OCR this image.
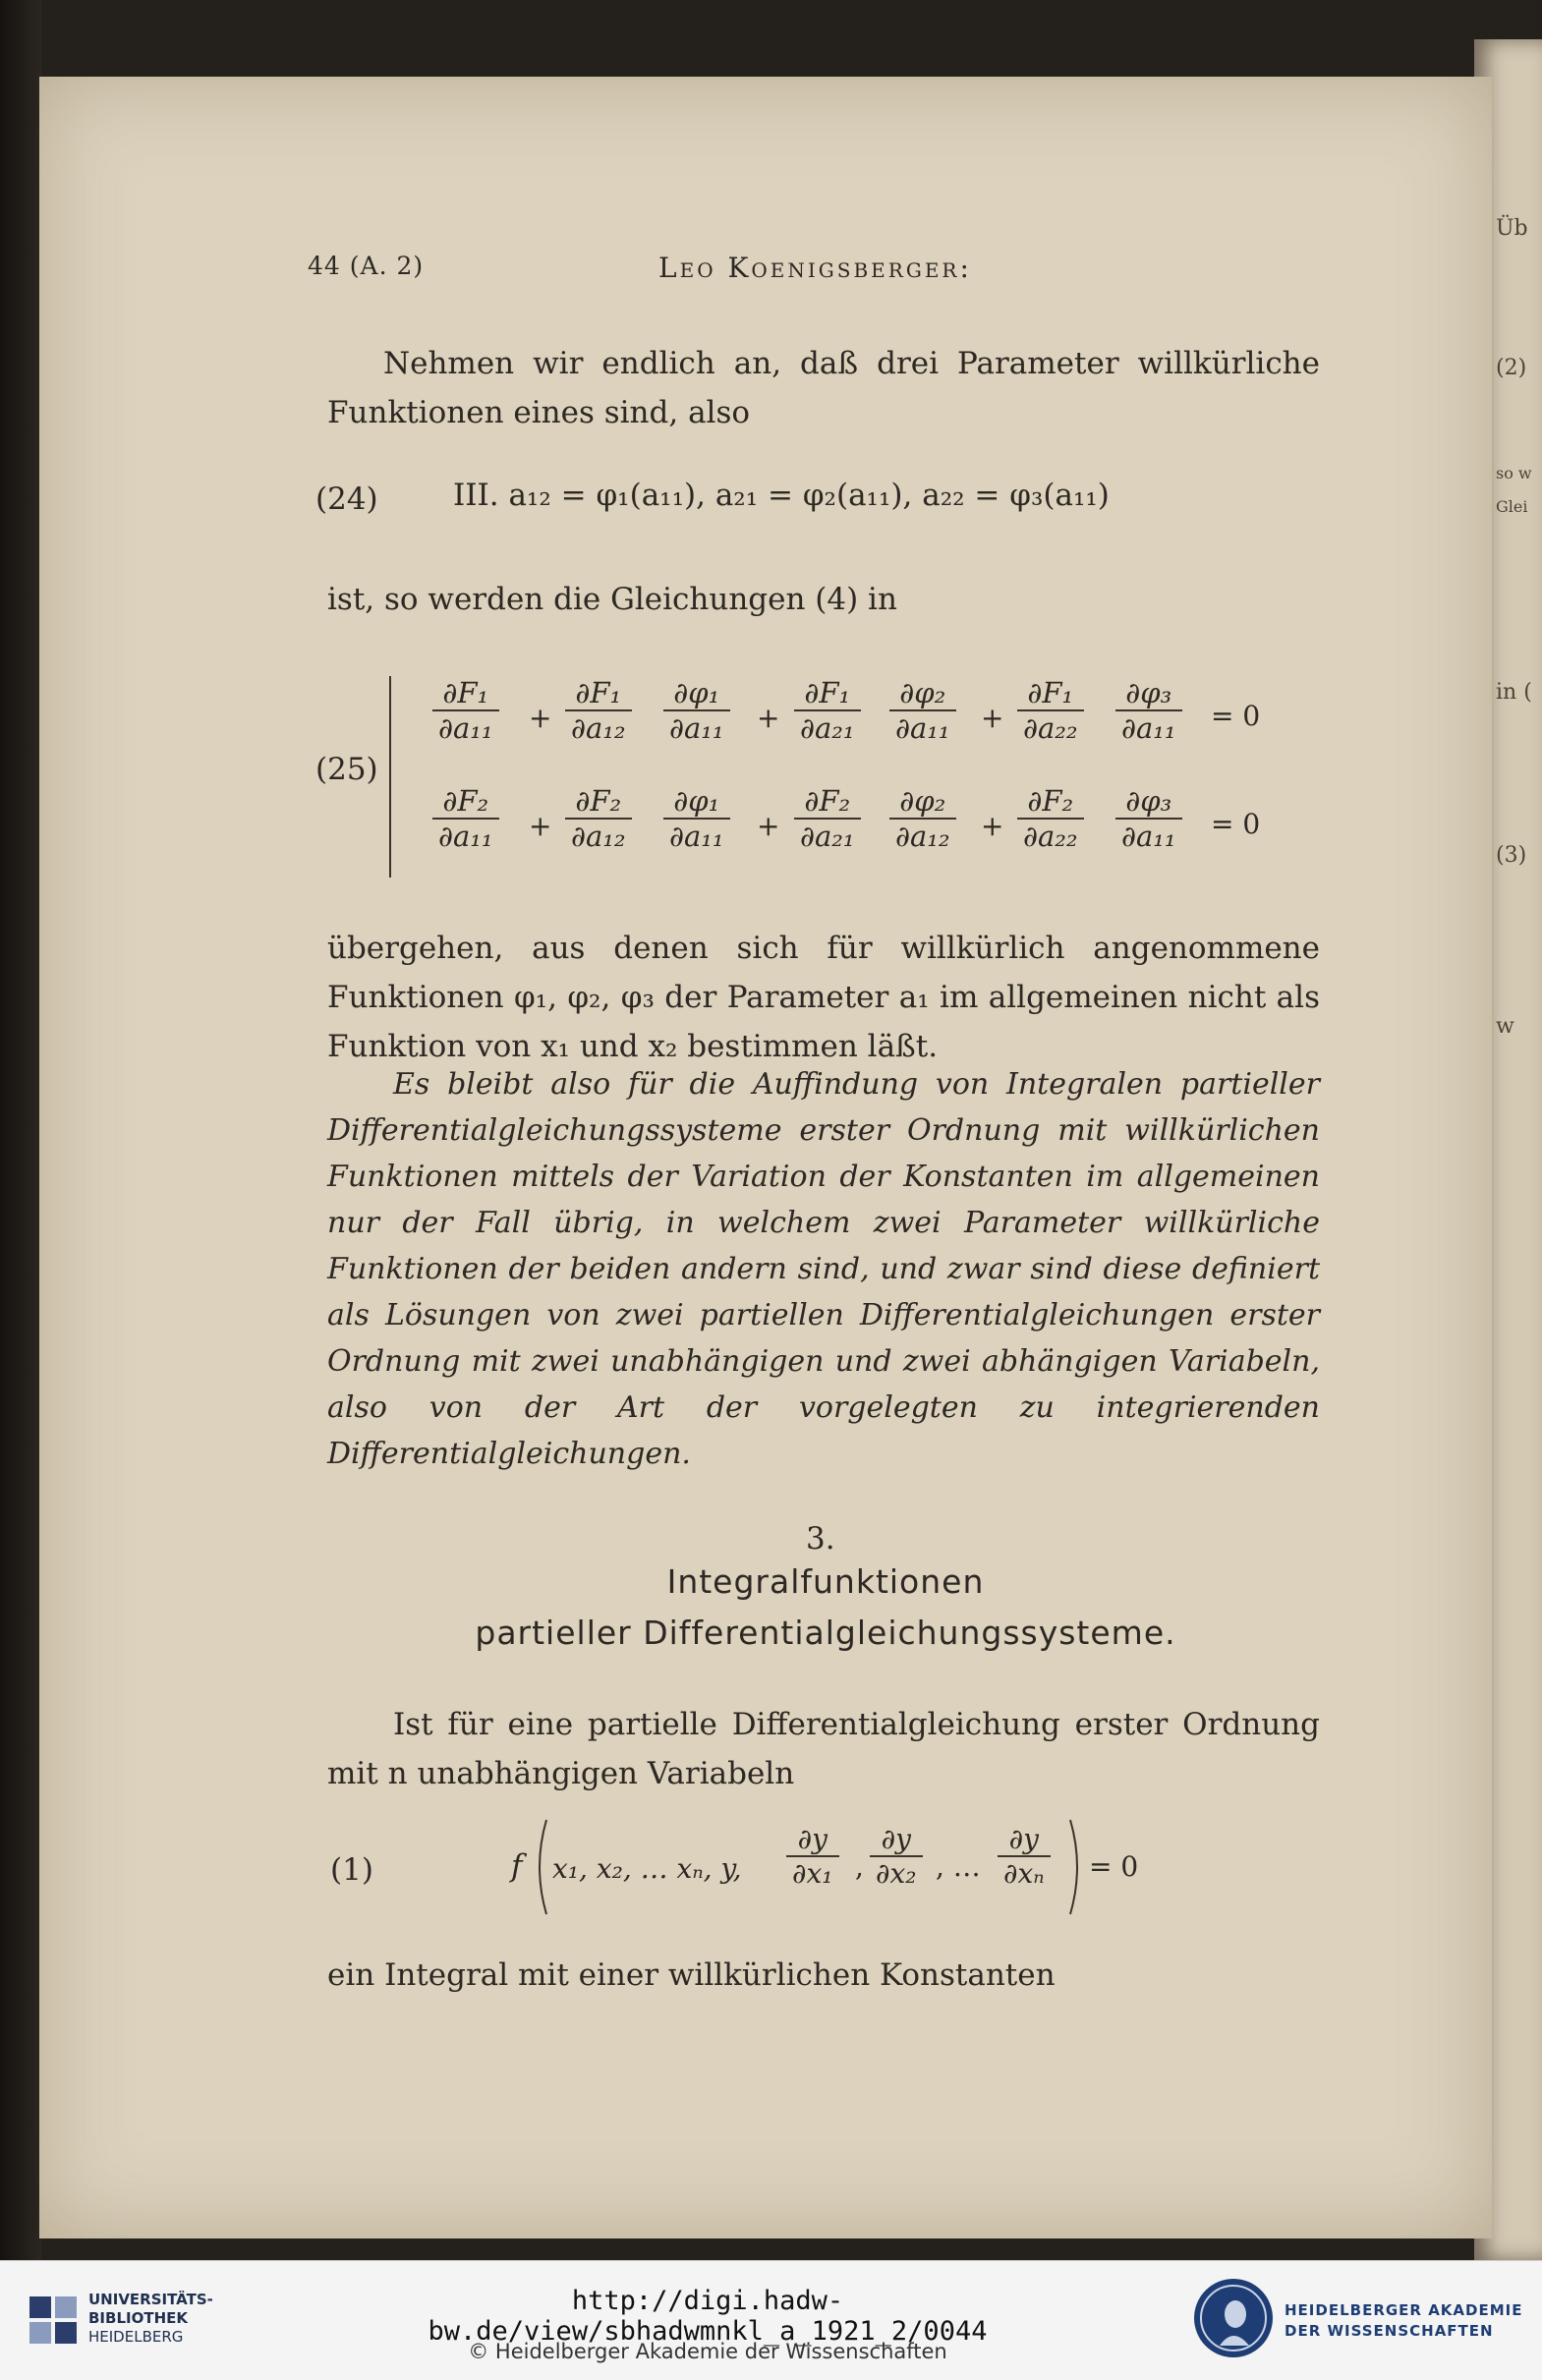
Üb
(2)
so w
Glei
in (
(3)
w
44 (A. 2)	Leo Koenigsberger:
Nehmen wir endlich an, daß drei Parameter willkürliche Funktionen eines sind, also
(24) III. a₁₂ = φ₁(a₁₁), a₂₁ = φ₂(a₁₁), a₂₂ = φ₃(a₁₁)
ist, so werden die Gleichungen (4) in
(25)
$\frac{\text{∂F₁}}{\text{∂a₁₁}} + \frac{\text{∂F₁}}{\text{∂a₁₂}} \frac{\text{∂φ₁}}{\text{∂a₁₁}} + \frac{\text{∂F₁}}{\text{∂a₂₁}} \frac{\text{∂φ₂}}{\text{∂a₁₁}} + \frac{\text{∂F₁}}{\text{∂a₂₂}} \frac{\text{∂φ₃}}{\text{∂a₁₁}} = 0$
$\frac{\text{∂F₂}}{\text{∂a₁₁}} + \frac{\text{∂F₂}}{\text{∂a₁₂}} \frac{\text{∂φ₁}}{\text{∂a₁₁}} + \frac{\text{∂F₂}}{\text{∂a₂₁}} \frac{\text{∂φ₂}}{\text{∂a₁₂}} + \frac{\text{∂F₂}}{\text{∂a₂₂}} \frac{\text{∂φ₃}}{\text{∂a₁₁}} = 0$
übergehen, aus denen sich für willkürlich angenommene Funktionen φ₁, φ₂, φ₃ der Parameter a₁ im allgemeinen nicht als Funktion von x₁ und x₂ bestimmen läßt.
Es bleibt also für die Auffindung von Integralen partieller Differentialgleichungssysteme erster Ordnung mit willkürlichen Funktionen mittels der Variation der Konstanten im allgemeinen nur der Fall übrig, in welchem zwei Parameter willkürliche Funktionen der beiden andern sind, und zwar sind diese definiert als Lösungen von zwei partiellen Differentialgleichungen erster Ordnung mit zwei unabhängigen und zwei abhängigen Variabeln, also von der Art der vorgelegten zu integrierenden Differentialgleichungen.
3.
Integralfunktionen
partieller Differentialgleichungssysteme.
Ist für eine partielle Differentialgleichung erster Ordnung mit n unabhängigen Variabeln
(1)	f x₁, x₂, … xₙ, y, $\frac{\partial y}{\text{∂x₁}}$ , $\frac{\partial y}{\text{∂x₂}}$ , … $\frac{\partial y}{\text{∂xₙ}} = 0$
ein Integral mit einer willkürlichen Konstanten
UNIVERSITÄTS-
BIBLIOTHEK
HEIDELBERG
http://digi.hadw-bw.de/view/sbhadwmnkl_a_1921_2/0044
© Heidelberger Akademie der Wissenschaften
HEIDELBERGER AKADEMIE
DER WISSENSCHAFTEN
